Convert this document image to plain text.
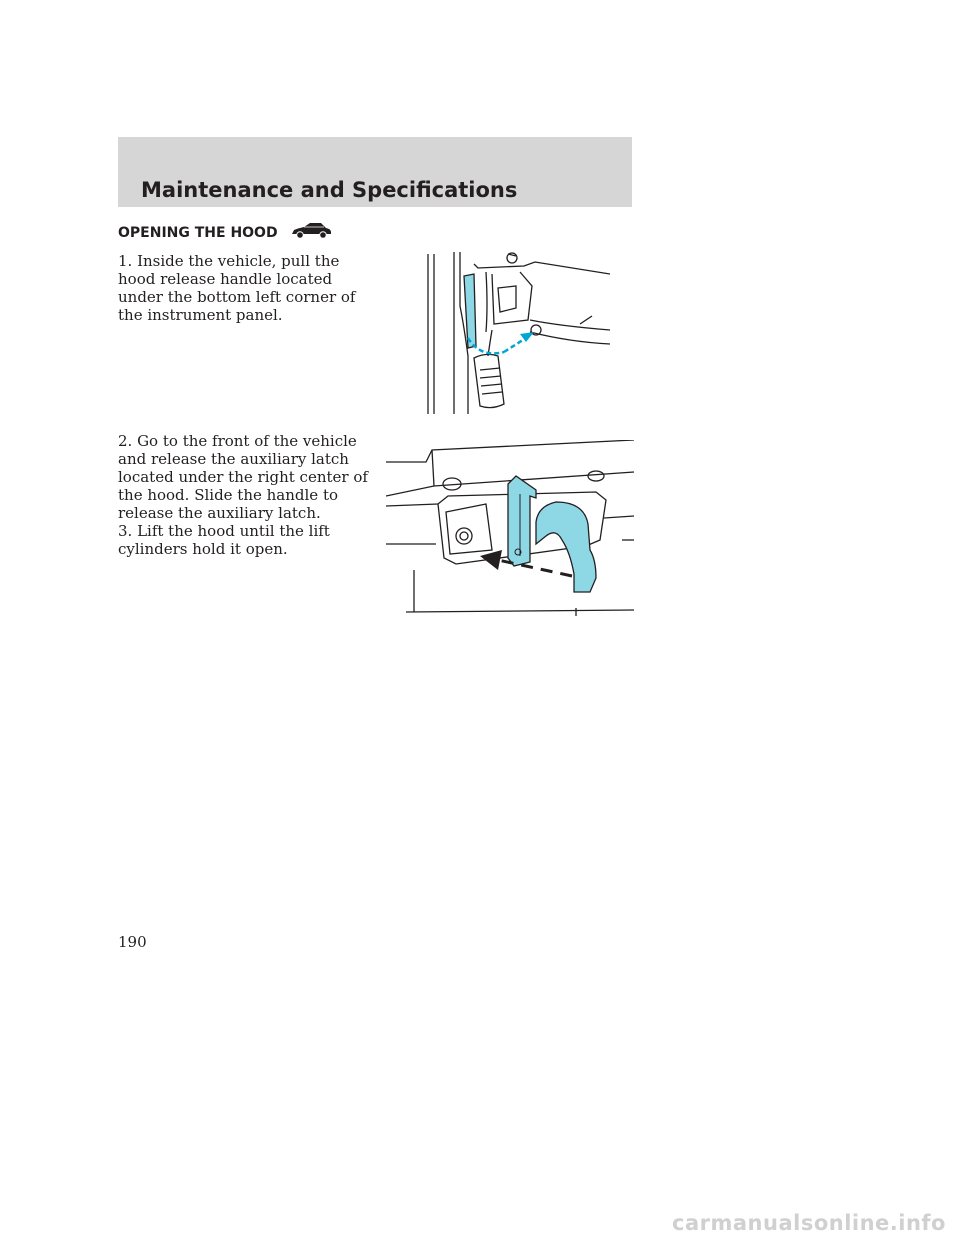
Maintenance and Specifications
OPENING THE HOOD

1. Inside the vehicle, pull the hood release handle located under the bottom left corner of the instrument panel.

2. Go to the front of the vehicle and release the auxiliary latch located under the right center of the hood. Slide the handle to release the auxiliary latch.

3. Lift the hood until the lift cylinders hold it open.

190
carmanualsonline.info
